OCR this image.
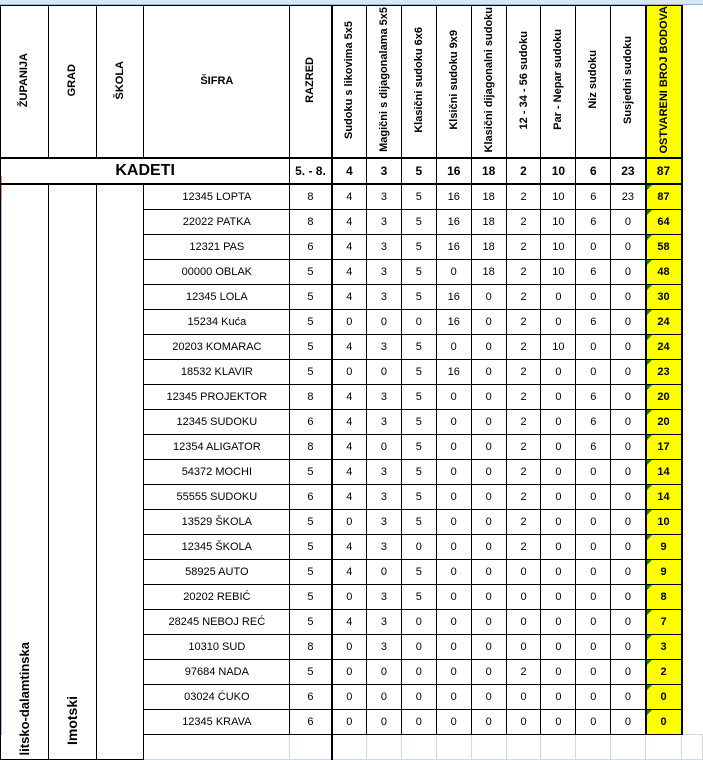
ŽUPANIJA	GRAD	ŠKOLA	ŠIFRA	RAZRED	Sudoku s likovima 5x5	Magični s dijagonalama 5x5	Klasični sudoku 6x6	Klsični sudoku 9x9	Klasični dijagonalni sudoku	12 - 34 - 56 sudoku	Par - Nepar sudoku	Niz sudoku	Susjedni sudoku	OSTVARENI BROJ BODOVA	
KADETI				5. - 8.	4	3	5	16	18	2	10	6	23	87	
litsko-dalamtinska	Imotski		12345 LOPTA	8	4	3	5	16	18	2	10	6	23	87	
			22022 PATKA	8	4	3	5	16	18	2	10	6	0	64	
			12321 PAS	6	4	3	5	16	18	2	10	0	0	58	
			00000 OBLAK	5	4	3	5	0	18	2	10	6	0	48	
			12345 LOLA	5	4	3	5	16	0	2	0	0	0	30	
			15234 Kuća	5	0	0	0	16	0	2	0	6	0	24	
			20203 KOMARAC	5	4	3	5	0	0	2	10	0	0	24	
			18532 KLAVIR	5	0	0	5	16	0	2	0	0	0	23	
			12345 PROJEKTOR	8	4	3	5	0	0	2	0	6	0	20	
			12345 SUDOKU	6	4	3	5	0	0	2	0	6	0	20	
			12354 ALIGATOR	8	4	0	5	0	0	2	0	6	0	17	
			54372 MOCHI	5	4	3	5	0	0	2	0	0	0	14	
			55555 SUDOKU	6	4	3	5	0	0	2	0	0	0	14	
			13529 ŠKOLA	5	0	3	5	0	0	2	0	0	0	10	
			12345 ŠKOLA	5	4	3	0	0	0	2	0	0	0	9	
			58925 AUTO	5	4	0	5	0	0	0	0	0	0	9	
			20202 REBIĆ	5	0	3	5	0	0	0	0	0	0	8	
			28245 NEBOJ REĆ	5	4	3	0	0	0	0	0	0	0	7	
			10310 SUD	8	0	3	0	0	0	0	0	0	0	3	
			97684 NADA	5	0	0	0	0	0	2	0	0	0	2	
			03024 ĆUKO	6	0	0	0	0	0	0	0	0	0	0	
			12345 KRAVA	6	0	0	0	0	0	0	0	0	0	0	
